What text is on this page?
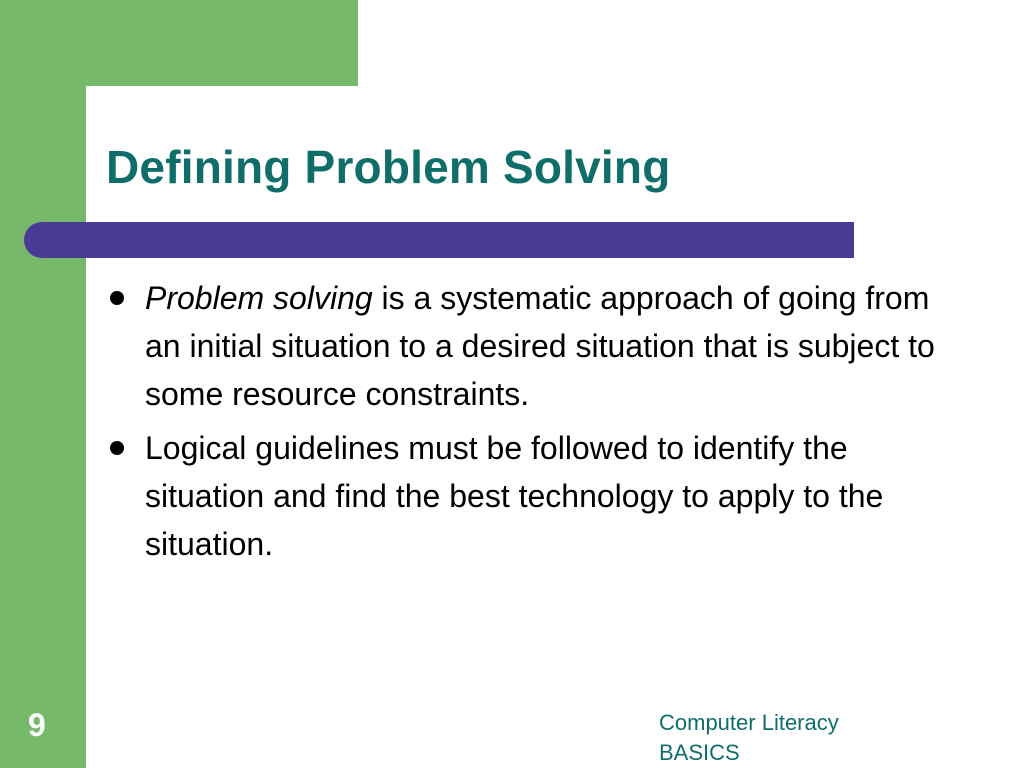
Defining Problem Solving
Problem solving is a systematic approach of going from an initial situation to a desired situation that is subject to some resource constraints.
Logical guidelines must be followed to identify the situation and find the best technology to apply to the situation.
9	Computer Literacy
BASICS
